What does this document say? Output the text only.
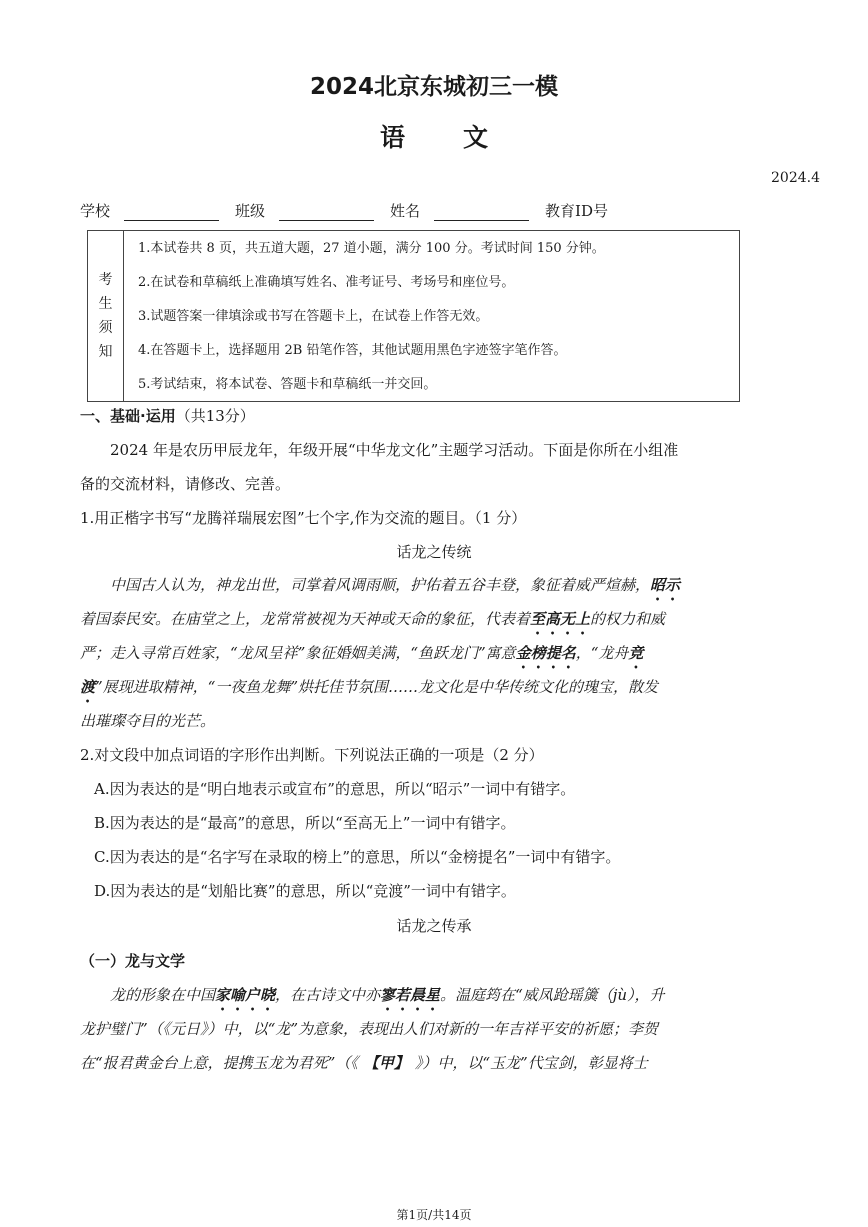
2024北京东城初三一模
语文
2024.4
学校	班级	姓名	教育ID号
考
生
须
知
1.本试卷共 8 页，共五道大题，27 道小题，满分 100 分。考试时间 150 分钟。
2.在试卷和草稿纸上准确填写姓名、准考证号、考场号和座位号。
3.试题答案一律填涂或书写在答题卡上，在试卷上作答无效。
4.在答题卡上，选择题用 2B 铅笔作答，其他试题用黑色字迹签字笔作答。
5.考试结束，将本试卷、答题卡和草稿纸一并交回。
一、基础·运用（共13分）
2024 年是农历甲辰龙年，年级开展“中华龙文化”主题学习活动。下面是你所在小组准
备的交流材料，请修改、完善。
1.用正楷字书写“龙腾祥瑞展宏图”七个字,作为交流的题目。（1 分）
话龙之传统
中国古人认为，神龙出世，司掌着风调雨顺，护佑着五谷丰登，象征着威严煊赫，昭示
着国泰民安。在庙堂之上，龙常常被视为天神或天命的象征，代表着至高无上的权力和威
严；走入寻常百姓家，“龙凤呈祥”象征婚姻美满，“鱼跃龙门”寓意金榜提名，“龙舟竞
渡”展现进取精神，“一夜鱼龙舞”烘托佳节氛围……龙文化是中华传统文化的瑰宝，散发
出璀璨夺目的光芒。
2.对文段中加点词语的字形作出判断。下列说法正确的一项是（2 分）
A.因为表达的是“明白地表示或宣布”的意思，所以“昭示”一词中有错字。
B.因为表达的是“最高”的意思，所以“至高无上”一词中有错字。
C.因为表达的是“名字写在录取的榜上”的意思，所以“金榜提名”一词中有错字。
D.因为表达的是“划船比赛”的意思，所以“竞渡”一词中有错字。
话龙之传承
（一）龙与文学
龙的形象在中国家喻户晓，在古诗文中亦寥若晨星。温庭筠在“威凤跄瑶簴（jù），升
龙护璧门”（《元日》）中，以“龙”为意象，表现出人们对新的一年吉祥平安的祈愿；李贺
在“报君黄金台上意，提携玉龙为君死”（《 【甲】 》）中，以“玉龙”代宝剑，彰显将士
第1页/共14页
